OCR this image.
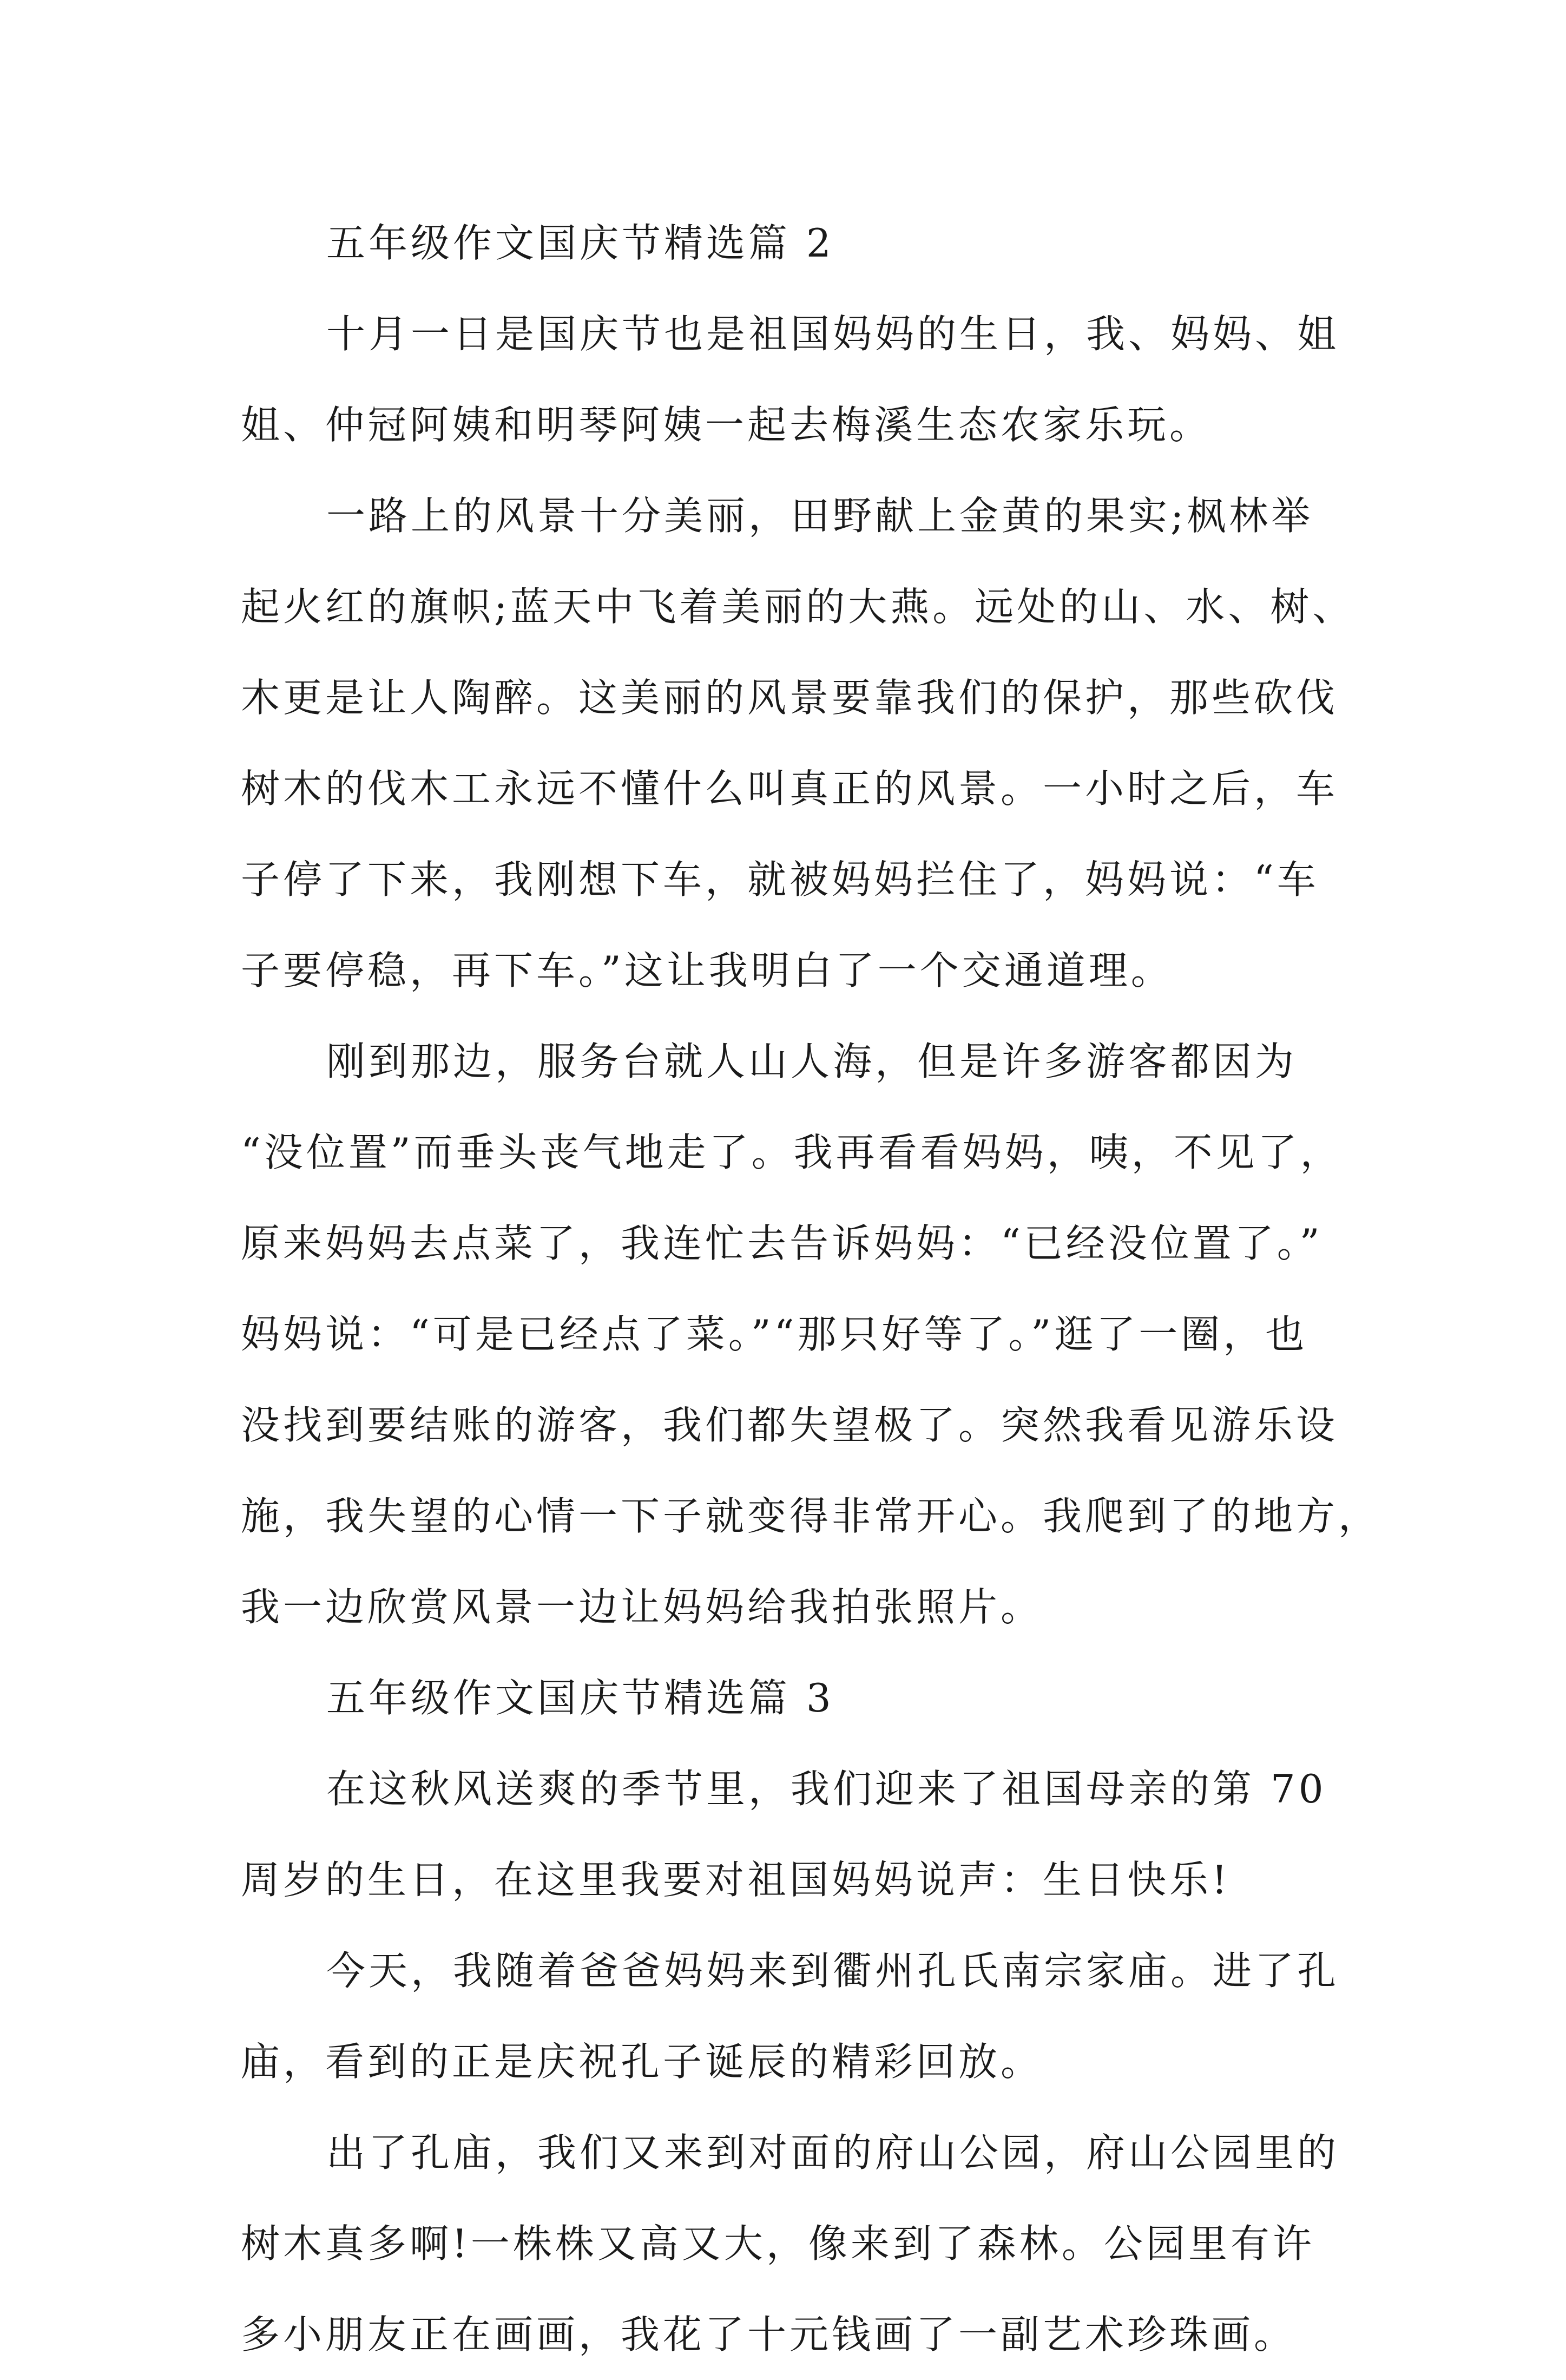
五年级作文国庆节精选篇 2
十月一日是国庆节也是祖国妈妈的生日，我、妈妈、姐
姐、仲冠阿姨和明琴阿姨一起去梅溪生态农家乐玩。
一路上的风景十分美丽，田野献上金黄的果实;枫林举
起火红的旗帜;蓝天中飞着美丽的大燕。远处的山、水、树、
木更是让人陶醉。这美丽的风景要靠我们的保护，那些砍伐
树木的伐木工永远不懂什么叫真正的风景。一小时之后，车
子停了下来，我刚想下车，就被妈妈拦住了，妈妈说：“车
子要停稳，再下车。”这让我明白了一个交通道理。
刚到那边，服务台就人山人海，但是许多游客都因为
“没位置”而垂头丧气地走了。我再看看妈妈，咦，不见了，
原来妈妈去点菜了，我连忙去告诉妈妈：“已经没位置了。”
妈妈说：“可是已经点了菜。”“那只好等了。”逛了一圈，也
没找到要结账的游客，我们都失望极了。突然我看见游乐设
施，我失望的心情一下子就变得非常开心。我爬到了的地方，
我一边欣赏风景一边让妈妈给我拍张照片。
五年级作文国庆节精选篇 3
在这秋风送爽的季节里，我们迎来了祖国母亲的第 70
周岁的生日，在这里我要对祖国妈妈说声：生日快乐!
今天，我随着爸爸妈妈来到衢州孔氏南宗家庙。进了孔
庙，看到的正是庆祝孔子诞辰的精彩回放。
出了孔庙，我们又来到对面的府山公园，府山公园里的
树木真多啊!一株株又高又大，像来到了森林。公园里有许
多小朋友正在画画，我花了十元钱画了一副艺术珍珠画。
